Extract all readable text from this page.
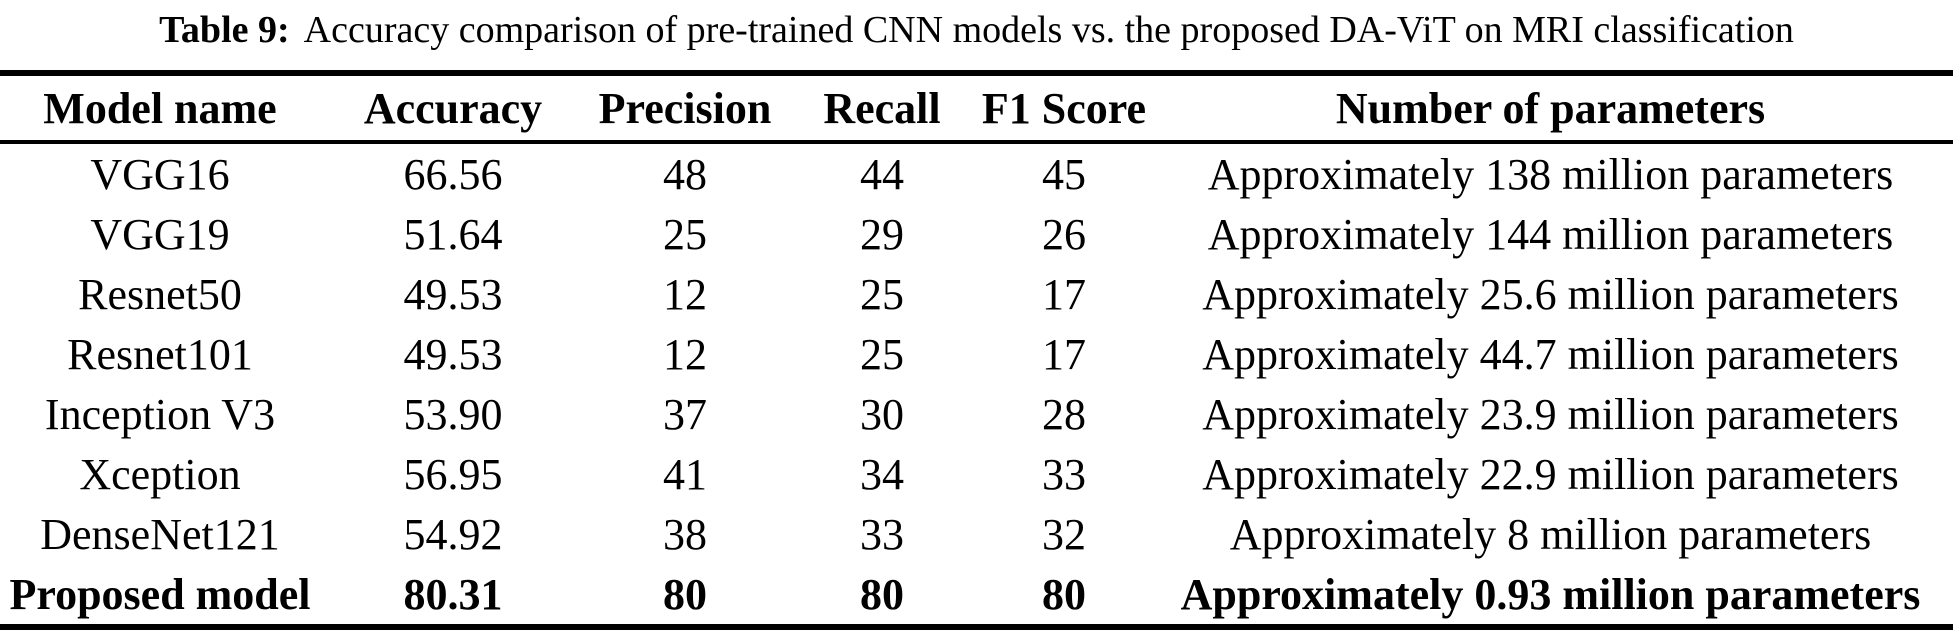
Table 9: Accuracy comparison of pre-trained CNN models vs. the proposed DA-ViT on MRI classification
Model name	Accuracy	Precision	Recall	F1 Score	Number of parameters
VGG16	66.56	48	44	45	Approximately 138 million parameters
VGG19	51.64	25	29	26	Approximately 144 million parameters
Resnet50	49.53	12	25	17	Approximately 25.6 million parameters
Resnet101	49.53	12	25	17	Approximately 44.7 million parameters
Inception V3	53.90	37	30	28	Approximately 23.9 million parameters
Xception	56.95	41	34	33	Approximately 22.9 million parameters
DenseNet121	54.92	38	33	32	Approximately 8 million parameters
Proposed model	80.31	80	80	80	Approximately 0.93 million parameters
